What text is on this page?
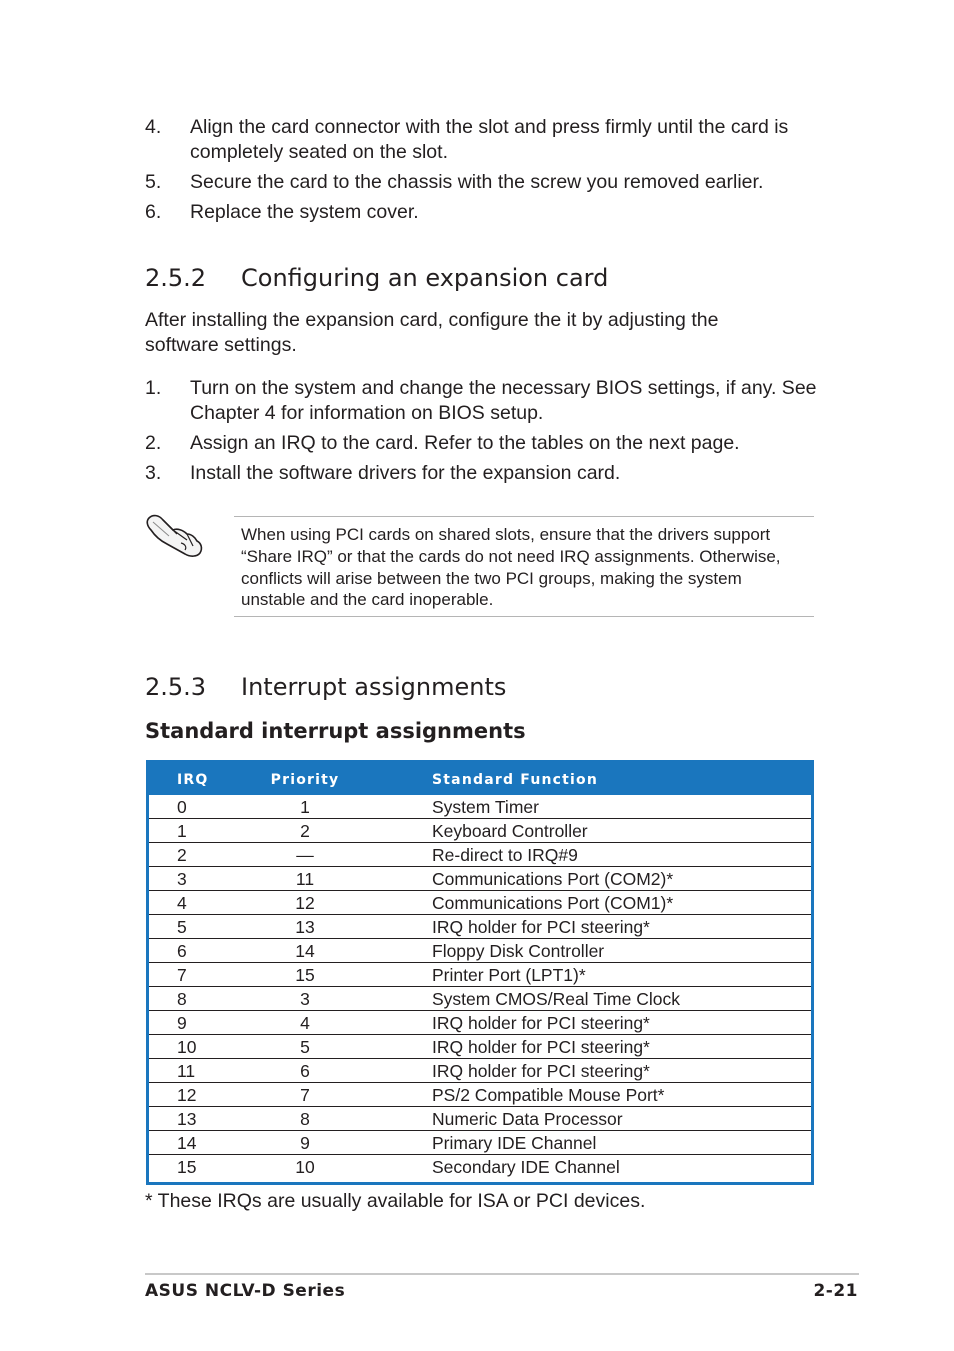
4.	Align the card connector with the slot and press firmly until the card is completely seated on the slot.
5.	Secure the card to the chassis with the screw you removed earlier.
6.	Replace the system cover.
2.5.2 Configuring an expansion card

After installing the expansion card, configure the it by adjusting the software settings.

1.	Turn on the system and change the necessary BIOS settings, if any. See Chapter 4 for information on BIOS setup.
2.	Assign an IRQ to the card. Refer to the tables on the next page.
3.	Install the software drivers for the expansion card.

When using PCI cards on shared slots, ensure that the drivers support “Share IRQ” or that the cards do not need IRQ assignments. Otherwise, conflicts will arise between the two PCI groups, making the system unstable and the card inoperable.

2.5.3 Interrupt assignments
Standard interrupt assignments
IRQ	Priority	Standard Function
0	1	System Timer
1	2	Keyboard Controller
2	—	Re-direct to IRQ#9
3	11	Communications Port (COM2)*
4	12	Communications Port (COM1)*
5	13	IRQ holder for PCI steering*
6	14	Floppy Disk Controller
7	15	Printer Port (LPT1)*
8	3	System CMOS/Real Time Clock
9	4	IRQ holder for PCI steering*
10	5	IRQ holder for PCI steering*
11	6	IRQ holder for PCI steering*
12	7	PS/2 Compatible Mouse Port*
13	8	Numeric Data Processor
14	9	Primary IDE Channel
15	10	Secondary IDE Channel

* These IRQs are usually available for ISA or PCI devices.

ASUS NCLV-D Series	2-21
